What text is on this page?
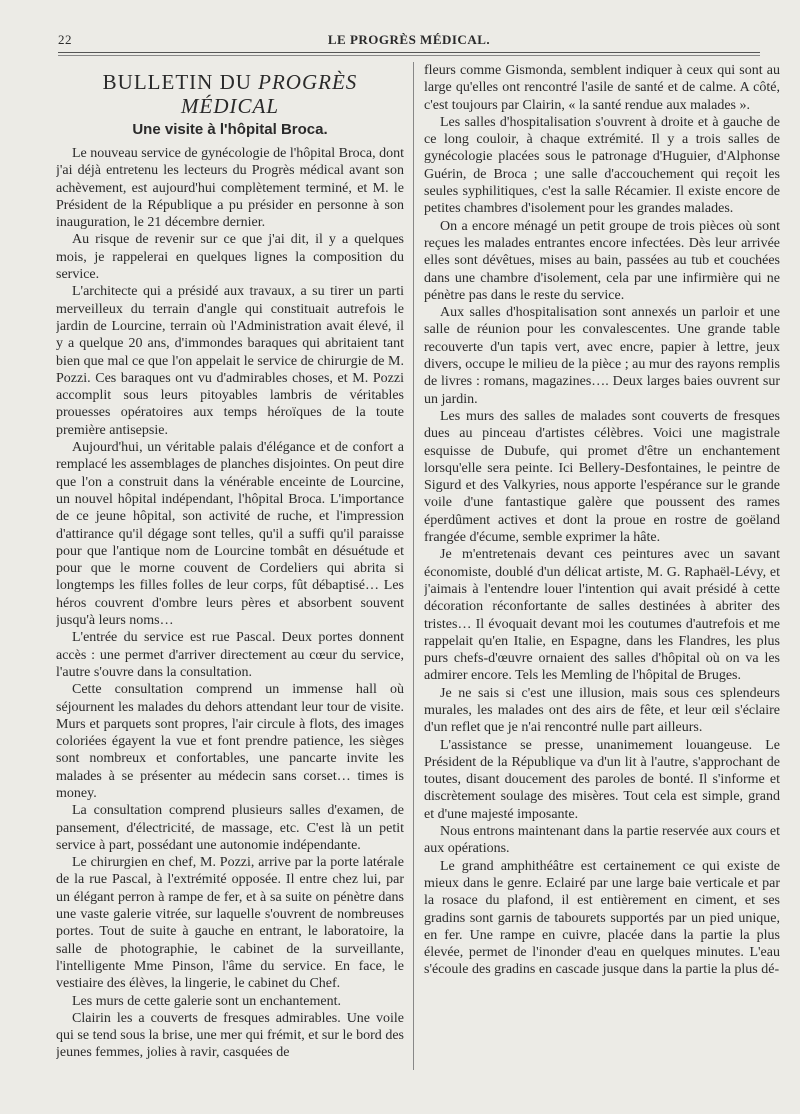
22	LE PROGRÈS MÉDICAL.
BULLETIN DU PROGRÈS MÉDICAL
Une visite à l'hôpital Broca.

Le nouveau service de gynécologie de l'hôpital Broca, dont j'ai déjà entretenu les lecteurs du Progrès médical avant son achèvement, est aujourd'hui complètement terminé, et M. le Président de la République a pu présider en personne à son inauguration, le 21 décembre dernier.

Au risque de revenir sur ce que j'ai dit, il y a quelques mois, je rappelerai en quelques lignes la composition du service.

L'architecte qui a présidé aux travaux, a su tirer un parti merveilleux du terrain d'angle qui constituait autrefois le jardin de Lourcine, terrain où l'Administration avait élevé, il y a quelque 20 ans, d'immondes baraques qui abritaient tant bien que mal ce que l'on appelait le service de chirurgie de M. Pozzi. Ces baraques ont vu d'admirables choses, et M. Pozzi accomplit sous leurs pitoyables lambris de véritables prouesses opératoires aux temps héroïques de la toute première antisepsie.

Aujourd'hui, un véritable palais d'élégance et de confort a remplacé les assemblages de planches disjointes. On peut dire que l'on a construit dans la vénérable enceinte de Lourcine, un nouvel hôpital indépendant, l'hôpital Broca. L'importance de ce jeune hôpital, son activité de ruche, et l'impression d'attirance qu'il dégage sont telles, qu'il a suffi qu'il paraisse pour que l'antique nom de Lourcine tombât en désuétude et pour que le morne couvent de Cordeliers qui abrita si longtemps les filles folles de leur corps, fût débaptisé… Les héros couvrent d'ombre leurs pères et absorbent souvent jusqu'à leurs noms…

L'entrée du service est rue Pascal. Deux portes donnent accès : une permet d'arriver directement au cœur du service, l'autre s'ouvre dans la consultation.

Cette consultation comprend un immense hall où séjournent les malades du dehors attendant leur tour de visite. Murs et parquets sont propres, l'air circule à flots, des images coloriées égayent la vue et font prendre patience, les sièges sont nombreux et confortables, une pancarte invite les malades à se présenter au médecin sans corset… times is money.

La consultation comprend plusieurs salles d'examen, de pansement, d'électricité, de massage, etc. C'est là un petit service à part, possédant une autonomie indépendante.

Le chirurgien en chef, M. Pozzi, arrive par la porte latérale de la rue Pascal, à l'extrémité opposée. Il entre chez lui, par un élégant perron à rampe de fer, et à sa suite on pénètre dans une vaste galerie vitrée, sur laquelle s'ouvrent de nombreuses portes. Tout de suite à gauche en entrant, le laboratoire, la salle de photographie, le cabinet de la surveillante, l'intelligente Mme Pinson, l'âme du service. En face, le vestiaire des élèves, la lingerie, le cabinet du Chef.

Les murs de cette galerie sont un enchantement.

Clairin les a couverts de fresques admirables. Une voile qui se tend sous la brise, une mer qui frémit, et sur le bord des jeunes femmes, jolies à ravir, casquées de

fleurs comme Gismonda, semblent indiquer à ceux qui sont au large qu'elles ont rencontré l'asile de santé et de calme. A côté, c'est toujours par Clairin, « la santé rendue aux malades ».

Les salles d'hospitalisation s'ouvrent à droite et à gauche de ce long couloir, à chaque extrémité. Il y a trois salles de gynécologie placées sous le patronage d'Huguier, d'Alphonse Guérin, de Broca ; une salle d'accouchement qui reçoit les seules syphilitiques, c'est la salle Récamier. Il existe encore de petites chambres d'isolement pour les grandes malades.

On a encore ménagé un petit groupe de trois pièces où sont reçues les malades entrantes encore infectées. Dès leur arrivée elles sont dévêtues, mises au bain, passées au tub et couchées dans une chambre d'isolement, cela par une infirmière qui ne pénètre pas dans le reste du service.

Aux salles d'hospitalisation sont annexés un parloir et une salle de réunion pour les convalescentes. Une grande table recouverte d'un tapis vert, avec encre, papier à lettre, jeux divers, occupe le milieu de la pièce ; au mur des rayons remplis de livres : romans, magazines…. Deux larges baies ouvrent sur un jardin.

Les murs des salles de malades sont couverts de fresques dues au pinceau d'artistes célèbres. Voici une magistrale esquisse de Dubufe, qui promet d'être un enchantement lorsqu'elle sera peinte. Ici Bellery-Desfontaines, le peintre de Sigurd et des Valkyries, nous apporte l'espérance sur le grande voile d'une fantastique galère que poussent des rames éperdûment actives et dont la proue en rostre de goëland frangée d'écume, semble exprimer la hâte.

Je m'entretenais devant ces peintures avec un savant économiste, doublé d'un délicat artiste, M. G. Raphaël-Lévy, et j'aimais à l'entendre louer l'intention qui avait présidé à cette décoration réconfortante de salles destinées à abriter des tristes… Il évoquait devant moi les coutumes d'autrefois et me rappelait qu'en Italie, en Espagne, dans les Flandres, les plus purs chefs-d'œuvre ornaient des salles d'hôpital où on va les admirer encore. Tels les Memling de l'hôpital de Bruges.

Je ne sais si c'est une illusion, mais sous ces splendeurs murales, les malades ont des airs de fête, et leur œil s'éclaire d'un reflet que je n'ai rencontré nulle part ailleurs.

L'assistance se presse, unanimement louangeuse. Le Président de la République va d'un lit à l'autre, s'approchant de toutes, disant doucement des paroles de bonté. Il s'informe et discrètement soulage des misères. Tout cela est simple, grand et d'une majesté imposante.

Nous entrons maintenant dans la partie reservée aux cours et aux opérations.

Le grand amphithéâtre est certainement ce qui existe de mieux dans le genre. Eclairé par une large baie verticale et par la rosace du plafond, il est entièrement en ciment, et ses gradins sont garnis de tabourets supportés par un pied unique, en fer. Une rampe en cuivre, placée dans la partie la plus élevée, permet de l'inonder d'eau en quelques minutes. L'eau s'écoule des gradins en cascade jusque dans la partie la plus dé-
